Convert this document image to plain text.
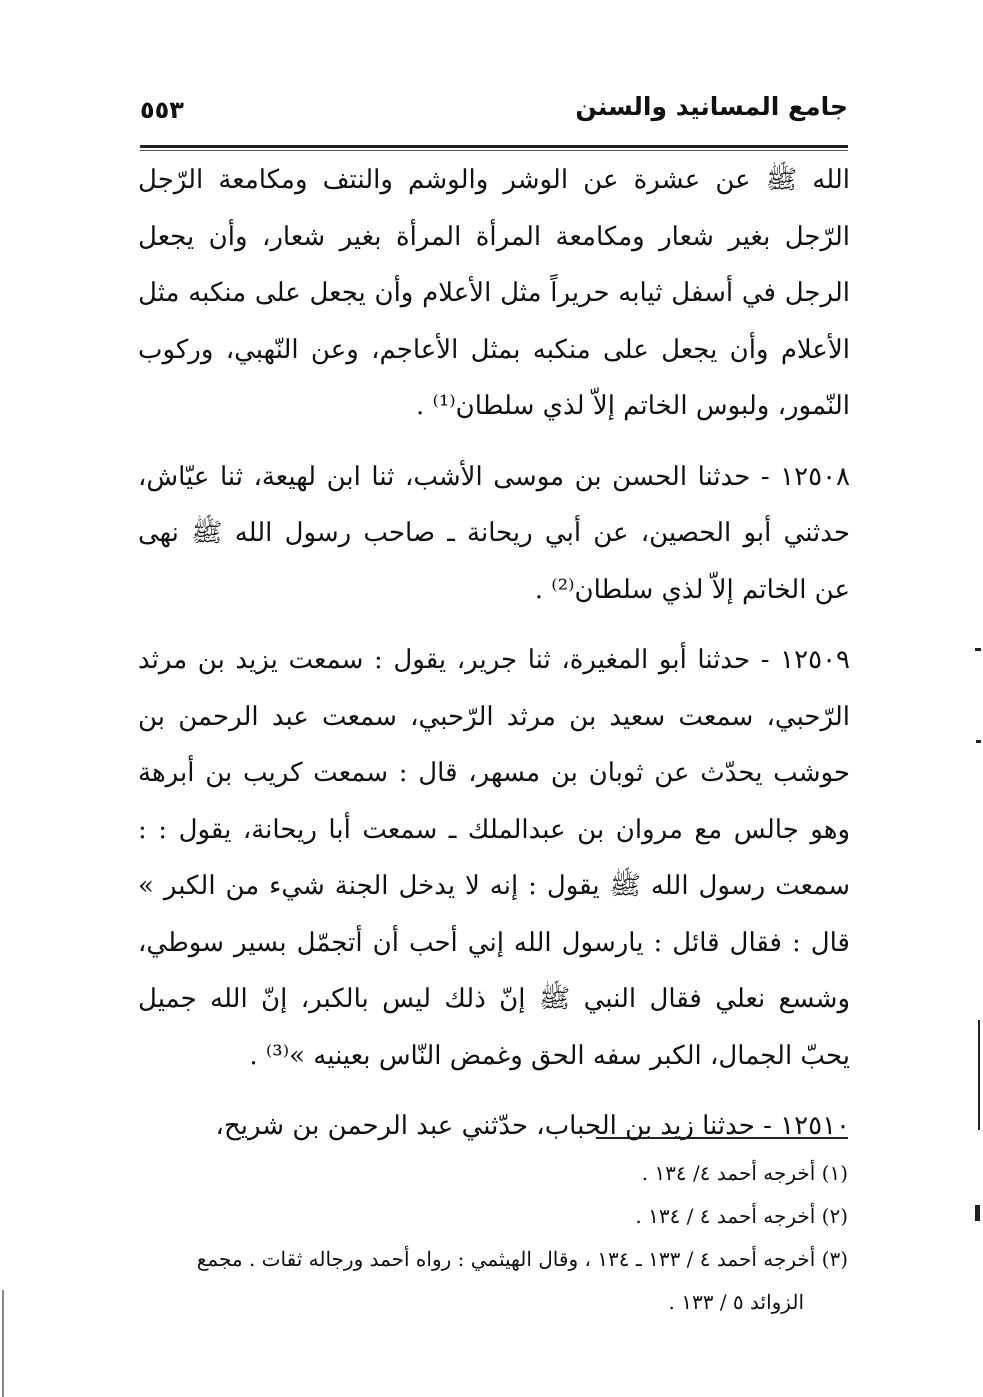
جامع المسانيد والسنن
٥٥٣

الله ﷺ عن عشرة عن الوشر والوشم والنتف ومكامعة الرّجل الرّجل بغير شعار ومكامعة المرأة المرأة بغير شعار، وأن يجعل الرجل في أسفل ثيابه حريراً مثل الأعلام وأن يجعل على منكبه مثل الأعلام وأن يجعل على منكبه بمثل الأعاجم، وعن النّهبي، وركوب النّمور، ولبوس الخاتم إلاّ لذي سلطان⁽¹⁾ .

١٢٥٠٨ - حدثنا الحسن بن موسى الأشب، ثنا ابن لهيعة، ثنا عيّاش، حدثني أبو الحصين، عن أبي ريحانة ـ صاحب رسول الله ﷺ نهى عن الخاتم إلاّ لذي سلطان⁽²⁾ .

١٢٥٠٩ - حدثنا أبو المغيرة، ثنا جرير، يقول : سمعت يزيد بن مرثد الرّحبي، سمعت سعيد بن مرثد الرّحبي، سمعت عبد الرحمن بن حوشب يحدّث عن ثوبان بن مسهر، قال : سمعت كريب بن أبرهة وهو جالس مع مروان بن عبدالملك ـ سمعت أبا ريحانة، يقول : : سمعت رسول الله ﷺ يقول : إنه لا يدخل الجنة شيء من الكبر » قال : فقال قائل : يارسول الله إني أحب أن أتجمّل بسير سوطي، وشسع نعلي فقال النبي ﷺ إنّ ذلك ليس بالكبر، إنّ الله جميل يحبّ الجمال، الكبر سفه الحق وغمض النّاس بعينيه »⁽³⁾ .

١٢٥١٠ - حدثنا زيد بن الحباب، حدّثني عبد الرحمن بن شريح،

(١) أخرجه أحمد ٤/ ١٣٤ .

(٢) أخرجه أحمد ٤ / ١٣٤ .

(٣) أخرجه أحمد ٤ / ١٣٣ ـ ١٣٤ ، وقال الهيثمي : رواه أحمد ورجاله ثقات . مجمع

الزوائد ٥ / ١٣٣ .
